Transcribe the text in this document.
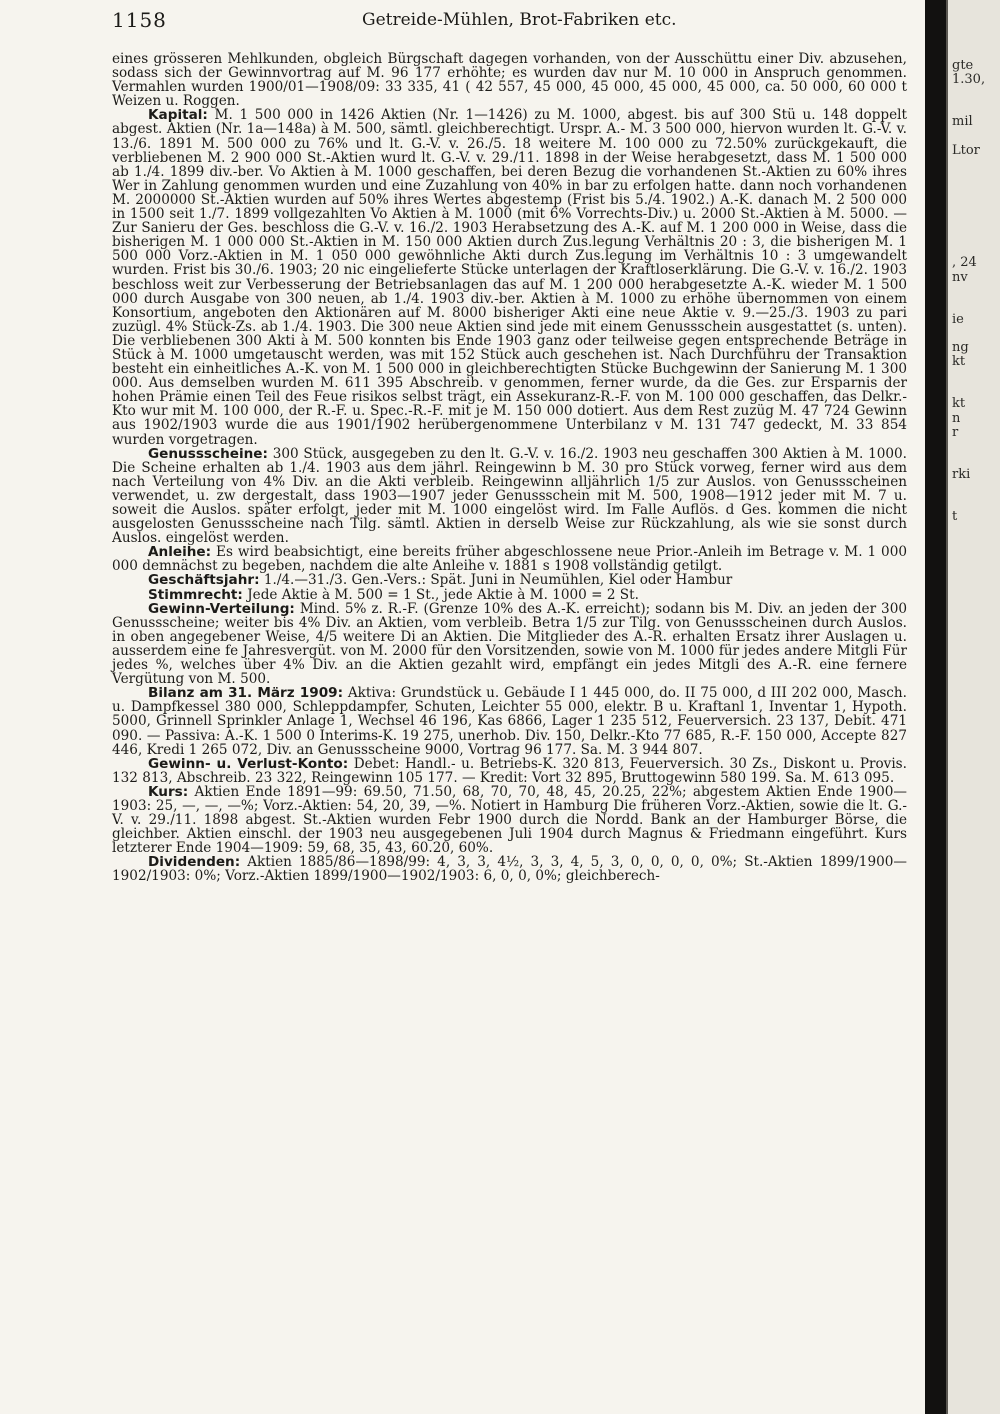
1158	Getreide-Mühlen, Brot-Fabriken etc.

eines grösseren Mehlkunden, obgleich Bürgschaft dagegen vorhanden, von der Ausschüttu einer Div. abzusehen, sodass sich der Gewinnvortrag auf M. 96 177 erhöhte; es wurden dav nur M. 10 000 in Anspruch genommen. Vermahlen wurden 1900/01—1908/09: 33 335, 41 ( 42 557, 45 000, 45 000, 45 000, 45 000, ca. 50 000, 60 000 t Weizen u. Roggen.

Kapital: M. 1 500 000 in 1426 Aktien (Nr. 1—1426) zu M. 1000, abgest. bis auf 300 Stü u. 148 doppelt abgest. Aktien (Nr. 1a—148a) à M. 500, sämtl. gleichberechtigt. Urspr. A.- M. 3 500 000, hiervon wurden lt. G.-V. v. 13./6. 1891 M. 500 000 zu 76% und lt. G.-V. v. 26./5. 18 weitere M. 100 000 zu 72.50% zurückgekauft, die verbliebenen M. 2 900 000 St.-Aktien wurd lt. G.-V. v. 29./11. 1898 in der Weise herabgesetzt, dass M. 1 500 000 ab 1./4. 1899 div.-ber. Vo Aktien à M. 1000 geschaffen, bei deren Bezug die vorhandenen St.-Aktien zu 60% ihres Wer in Zahlung genommen wurden und eine Zuzahlung von 40% in bar zu erfolgen hatte. dann noch vorhandenen M. 2000000 St.-Aktien wurden auf 50% ihres Wertes abgestemp (Frist bis 5./4. 1902.) A.-K. danach M. 2 500 000 in 1500 seit 1./7. 1899 vollgezahlten Vo Aktien à M. 1000 (mit 6% Vorrechts-Div.) u. 2000 St.-Aktien à M. 5000. — Zur Sanieru der Ges. beschloss die G.-V. v. 16./2. 1903 Herabsetzung des A.-K. auf M. 1 200 000 in Weise, dass die bisherigen M. 1 000 000 St.-Aktien in M. 150 000 Aktien durch Zus.legung Verhältnis 20 : 3, die bisherigen M. 1 500 000 Vorz.-Aktien in M. 1 050 000 gewöhnliche Akti durch Zus.legung im Verhältnis 10 : 3 umgewandelt wurden. Frist bis 30./6. 1903; 20 nic eingelieferte Stücke unterlagen der Kraftloserklärung. Die G.-V. v. 16./2. 1903 beschloss weit zur Verbesserung der Betriebsanlagen das auf M. 1 200 000 herabgesetzte A.-K. wieder M. 1 500 000 durch Ausgabe von 300 neuen, ab 1./4. 1903 div.-ber. Aktien à M. 1000 zu erhöhe übernommen von einem Konsortium, angeboten den Aktionären auf M. 8000 bisheriger Akti eine neue Aktie v. 9.—25./3. 1903 zu pari zuzügl. 4% Stück-Zs. ab 1./4. 1903. Die 300 neue Aktien sind jede mit einem Genussschein ausgestattet (s. unten). Die verbliebenen 300 Akti à M. 500 konnten bis Ende 1903 ganz oder teilweise gegen entsprechende Beträge in Stück à M. 1000 umgetauscht werden, was mit 152 Stück auch geschehen ist. Nach Durchführu der Transaktion besteht ein einheitliches A.-K. von M. 1 500 000 in gleichberechtigten Stücke Buchgewinn der Sanierung M. 1 300 000. Aus demselben wurden M. 611 395 Abschreib. v genommen, ferner wurde, da die Ges. zur Ersparnis der hohen Prämie einen Teil des Feue risikos selbst trägt, ein Assekuranz-R.-F. von M. 100 000 geschaffen, das Delkr.-Kto wur mit M. 100 000, der R.-F. u. Spec.-R.-F. mit je M. 150 000 dotiert. Aus dem Rest zuzüg M. 47 724 Gewinn aus 1902/1903 wurde die aus 1901/1902 herübergenommene Unterbilanz v M. 131 747 gedeckt, M. 33 854 wurden vorgetragen.

Genussscheine: 300 Stück, ausgegeben zu den lt. G.-V. v. 16./2. 1903 neu geschaffen 300 Aktien à M. 1000. Die Scheine erhalten ab 1./4. 1903 aus dem jährl. Reingewinn b M. 30 pro Stück vorweg, ferner wird aus dem nach Verteilung von 4% Div. an die Akti verbleib. Reingewinn alljährlich 1/5 zur Auslos. von Genussscheinen verwendet, u. zw dergestalt, dass 1903—1907 jeder Genussschein mit M. 500, 1908—1912 jeder mit M. 7 u. soweit die Auslos. später erfolgt, jeder mit M. 1000 eingelöst wird. Im Falle Auflös. d Ges. kommen die nicht ausgelosten Genussscheine nach Tilg. sämtl. Aktien in derselb Weise zur Rückzahlung, als wie sie sonst durch Auslos. eingelöst werden.

Anleihe: Es wird beabsichtigt, eine bereits früher abgeschlossene neue Prior.-Anleih im Betrage v. M. 1 000 000 demnächst zu begeben, nachdem die alte Anleihe v. 1881 s 1908 vollständig getilgt.

Geschäftsjahr: 1./4.—31./3. Gen.-Vers.: Spät. Juni in Neumühlen, Kiel oder Hambur

Stimmrecht: Jede Aktie à M. 500 = 1 St., jede Aktie à M. 1000 = 2 St.

Gewinn-Verteilung: Mind. 5% z. R.-F. (Grenze 10% des A.-K. erreicht); sodann bis M. Div. an jeden der 300 Genussscheine; weiter bis 4% Div. an Aktien, vom verbleib. Betra 1/5 zur Tilg. von Genussscheinen durch Auslos. in oben angegebener Weise, 4/5 weitere Di an Aktien. Die Mitglieder des A.-R. erhalten Ersatz ihrer Auslagen u. ausserdem eine fe Jahresvergüt. von M. 2000 für den Vorsitzenden, sowie von M. 1000 für jedes andere Mitgli Für jedes %, welches über 4% Div. an die Aktien gezahlt wird, empfängt ein jedes Mitgli des A.-R. eine fernere Vergütung von M. 500.

Bilanz am 31. März 1909: Aktiva: Grundstück u. Gebäude I 1 445 000, do. II 75 000, d III 202 000, Masch. u. Dampfkessel 380 000, Schleppdampfer, Schuten, Leichter 55 000, elektr. B u. Kraftanl 1, Inventar 1, Hypoth. 5000, Grinnell Sprinkler Anlage 1, Wechsel 46 196, Kas 6866, Lager 1 235 512, Feuerversich. 23 137, Debit. 471 090. — Passiva: A.-K. 1 500 0 Interims-K. 19 275, unerhob. Div. 150, Delkr.-Kto 77 685, R.-F. 150 000, Accepte 827 446, Kredi 1 265 072, Div. an Genussscheine 9000, Vortrag 96 177. Sa. M. 3 944 807.

Gewinn- u. Verlust-Konto: Debet: Handl.- u. Betriebs-K. 320 813, Feuerversich. 30 Zs., Diskont u. Provis. 132 813, Abschreib. 23 322, Reingewinn 105 177. — Kredit: Vort 32 895, Bruttogewinn 580 199. Sa. M. 613 095.

Kurs: Aktien Ende 1891—99: 69.50, 71.50, 68, 70, 70, 48, 45, 20.25, 22%; abgestem Aktien Ende 1900—1903: 25, —, —, —%; Vorz.-Aktien: 54, 20, 39, —%. Notiert in Hamburg Die früheren Vorz.-Aktien, sowie die lt. G.-V. v. 29./11. 1898 abgest. St.-Aktien wurden Febr 1900 durch die Nordd. Bank an der Hamburger Börse, die gleichber. Aktien einschl. der 1903 neu ausgegebenen Juli 1904 durch Magnus & Friedmann eingeführt. Kurs letzterer Ende 1904—1909: 59, 68, 35, 43, 60.20, 60%.

Dividenden: Aktien 1885/86—1898/99: 4, 3, 3, 4½, 3, 3, 4, 5, 3, 0, 0, 0, 0, 0%; St.-Aktien 1899/1900—1902/1903: 0%; Vorz.-Aktien 1899/1900—1902/1903: 6, 0, 0, 0%; gleichberech-

gte
1.30,
mil
Ltor
, 24
nv
ie
ng
kt
kt
n
r
rki
t
